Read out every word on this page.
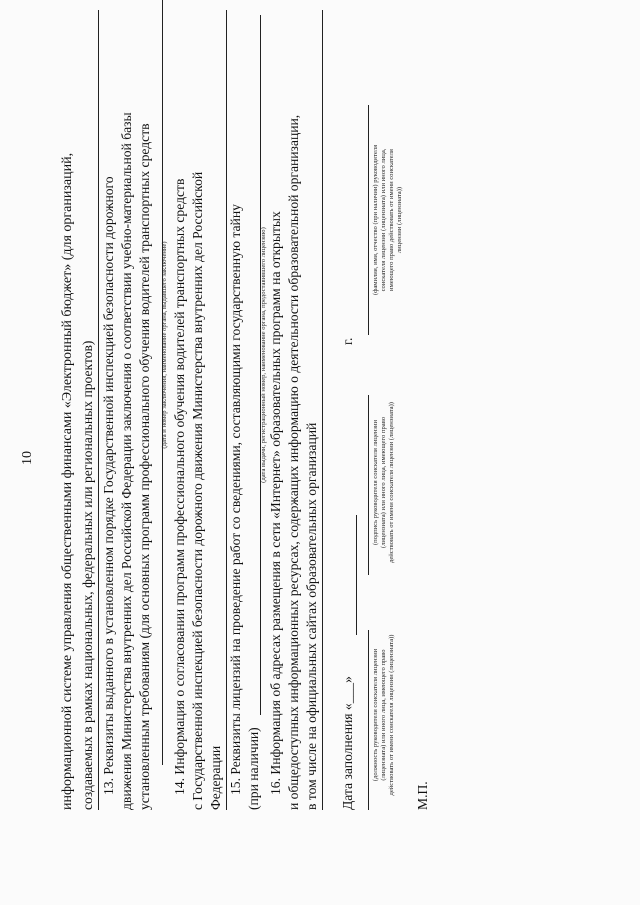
10 информационной системе управления общественными финансами «Электронный бюджет» (для организаций, создаваемых в рамках национальных, федеральных или региональных проектов) 13. Реквизиты выданного в установленном порядке Государственной инспекцией безопасности дорожного движения Министерства внутренних дел Российской Федерации заключения о соответствии учебно-материальной базы установленным требованиям (для основных программ профессионального обучения водителей транспортных средств (дата и номер заключения, наименование органа, выдавшего заключение) 14. Информация о согласовании программ профессионального обучения водителей транспортных средств с Государственной инспекцией безопасности дорожного движения Министерства внутренних дел Российской Федерации 15. Реквизиты лицензий на проведение работ со сведениями, составляющими государственную тайну (при наличии)
(дата выдачи, регистрационный номер, наименование органа, предоставившего лицензию) 16. Информация об адресах размещения в сети «Интернет» образовательных программ на открытых и общедоступных информационных ресурсах, содержащих информацию о деятельности образовательной организации, в том числе на официальных сайтах образовательных организаций Дата заполнения «___»
г.
(должность руководителя соискателя лицензии (лицензиата) или иного лица, имеющего право действовать от имени соискателя лицензии (лицензиата))
(подпись руководителя соискателя лицензии (лицензиата) или иного лица, имеющего право действовать от имени соискателя лицензии (лицензиата))
(фамилия, имя, отчество (при наличии) руководителя соискателя лицензии (лицензиата) или иного лица, имеющего право действовать от имени соискателя лицензии (лицензиата))
М.П.
